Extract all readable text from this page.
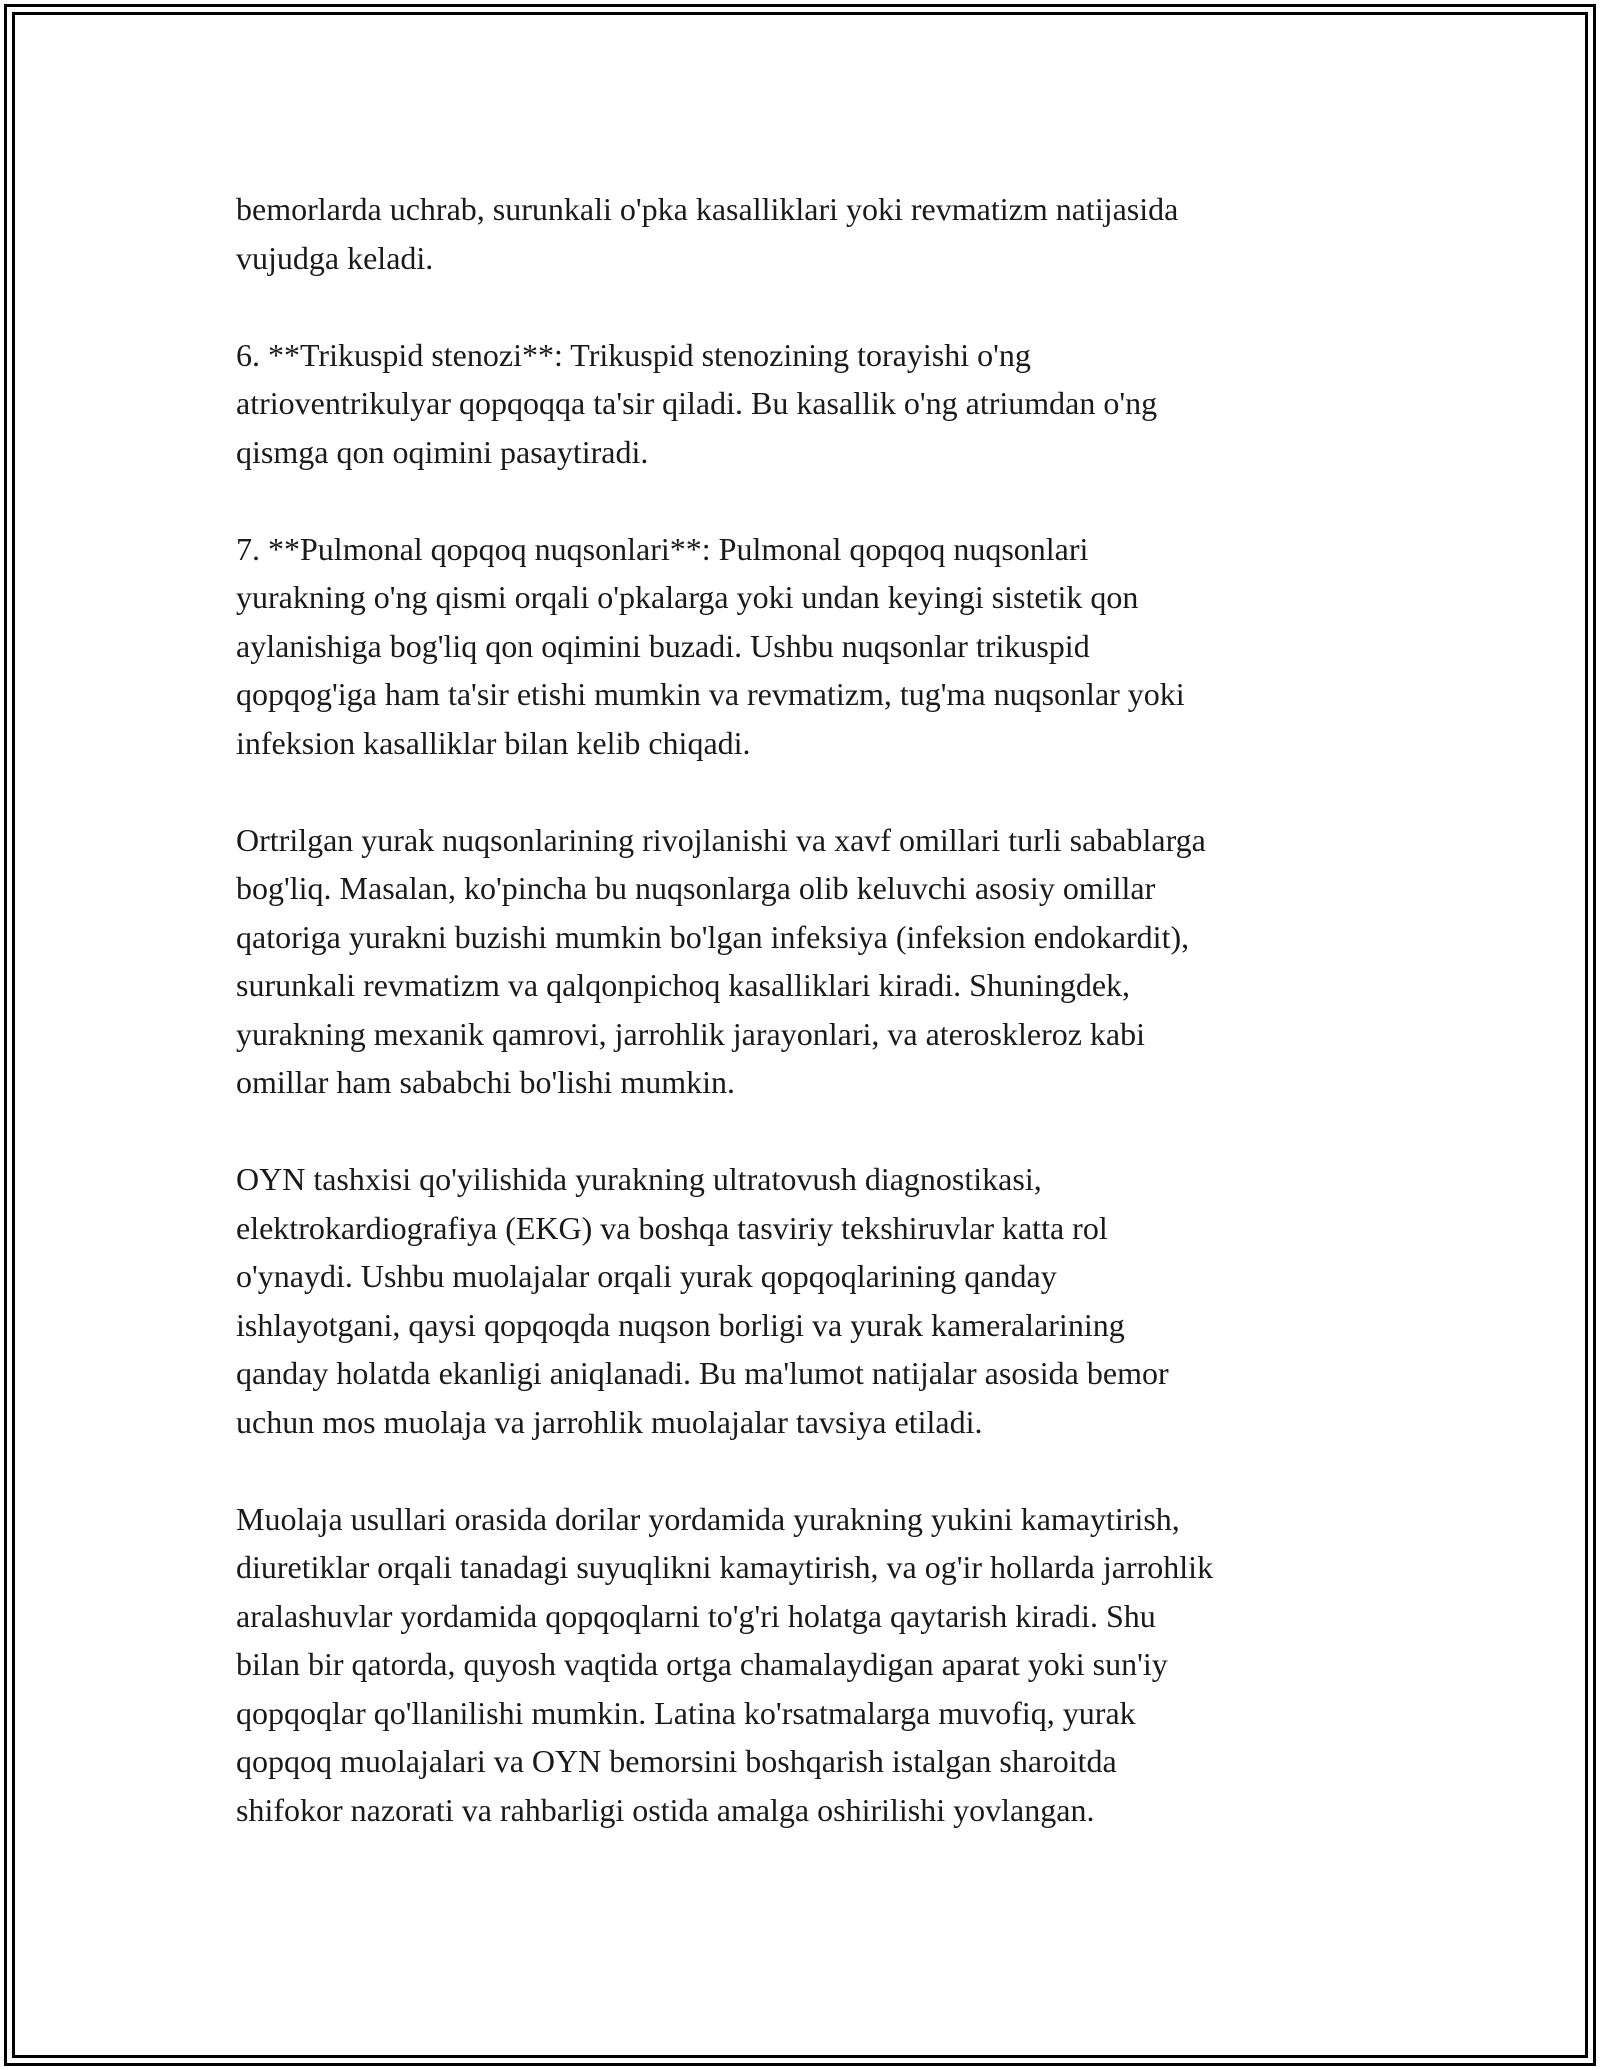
bemorlarda uchrab, surunkali o'pka kasalliklari yoki revmatizm natijasida
vujudga keladi.

6. **Trikuspid stenozi**: Trikuspid stenozining torayishi o'ng
atrioventrikulyar qopqoqqa ta'sir qiladi. Bu kasallik o'ng atriumdan o'ng
qismga qon oqimini pasaytiradi.

7. **Pulmonal qopqoq nuqsonlari**: Pulmonal qopqoq nuqsonlari
yurakning o'ng qismi orqali o'pkalarga yoki undan keyingi sistetik qon
aylanishiga bog'liq qon oqimini buzadi. Ushbu nuqsonlar trikuspid
qopqog'iga ham ta'sir etishi mumkin va revmatizm, tug'ma nuqsonlar yoki
infeksion kasalliklar bilan kelib chiqadi.

Ortrilgan yurak nuqsonlarining rivojlanishi va xavf omillari turli sabablarga
bog'liq. Masalan, ko'pincha bu nuqsonlarga olib keluvchi asosiy omillar
qatoriga yurakni buzishi mumkin bo'lgan infeksiya (infeksion endokardit),
surunkali revmatizm va qalqonpichoq kasalliklari kiradi. Shuningdek,
yurakning mexanik qamrovi, jarrohlik jarayonlari, va ateroskleroz kabi
omillar ham sababchi bo'lishi mumkin.

OYN tashxisi qo'yilishida yurakning ultratovush diagnostikasi,
elektrokardiografiya (EKG) va boshqa tasviriy tekshiruvlar katta rol
o'ynaydi. Ushbu muolajalar orqali yurak qopqoqlarining qanday
ishlayotgani, qaysi qopqoqda nuqson borligi va yurak kameralarining
qanday holatda ekanligi aniqlanadi. Bu ma'lumot natijalar asosida bemor
uchun mos muolaja va jarrohlik muolajalar tavsiya etiladi.

Muolaja usullari orasida dorilar yordamida yurakning yukini kamaytirish,
diuretiklar orqali tanadagi suyuqlikni kamaytirish, va og'ir hollarda jarrohlik
aralashuvlar yordamida qopqoqlarni to'g'ri holatga qaytarish kiradi. Shu
bilan bir qatorda, quyosh vaqtida ortga chamalaydigan aparat yoki sun'iy
qopqoqlar qo'llanilishi mumkin. Latina ko'rsatmalarga muvofiq, yurak
qopqoq muolajalari va OYN bemorsini boshqarish istalgan sharoitda
shifokor nazorati va rahbarligi ostida amalga oshirilishi yovlangan.
